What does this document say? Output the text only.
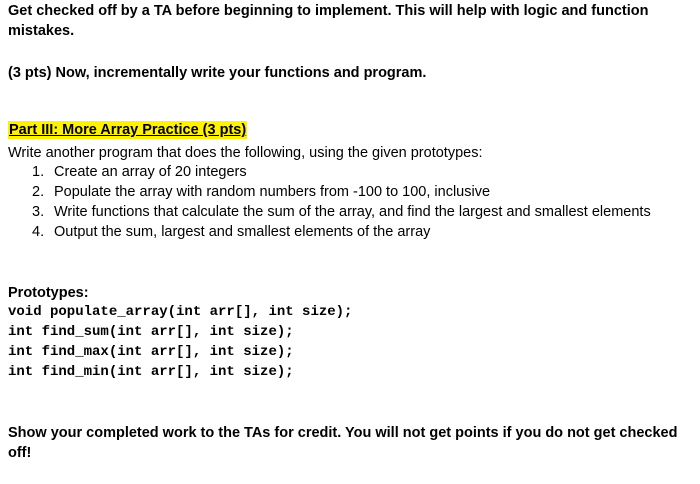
Get checked off by a TA before beginning to implement. This will help with logic and function mistakes.

(3 pts) Now, incrementally write your functions and program.

Part III: More Array Practice (3 pts)
Write another program that does the following, using the given prototypes:
1. Create an array of 20 integers
2. Populate the array with random numbers from -100 to 100, inclusive
3. Write functions that calculate the sum of the array, and find the largest and smallest elements
4. Output the sum, largest and smallest elements of the array
Prototypes:
void populate_array(int arr[], int size);
int find_sum(int arr[], int size);
int find_max(int arr[], int size);
int find_min(int arr[], int size);

Show your completed work to the TAs for credit. You will not get points if you do not get checked off!
